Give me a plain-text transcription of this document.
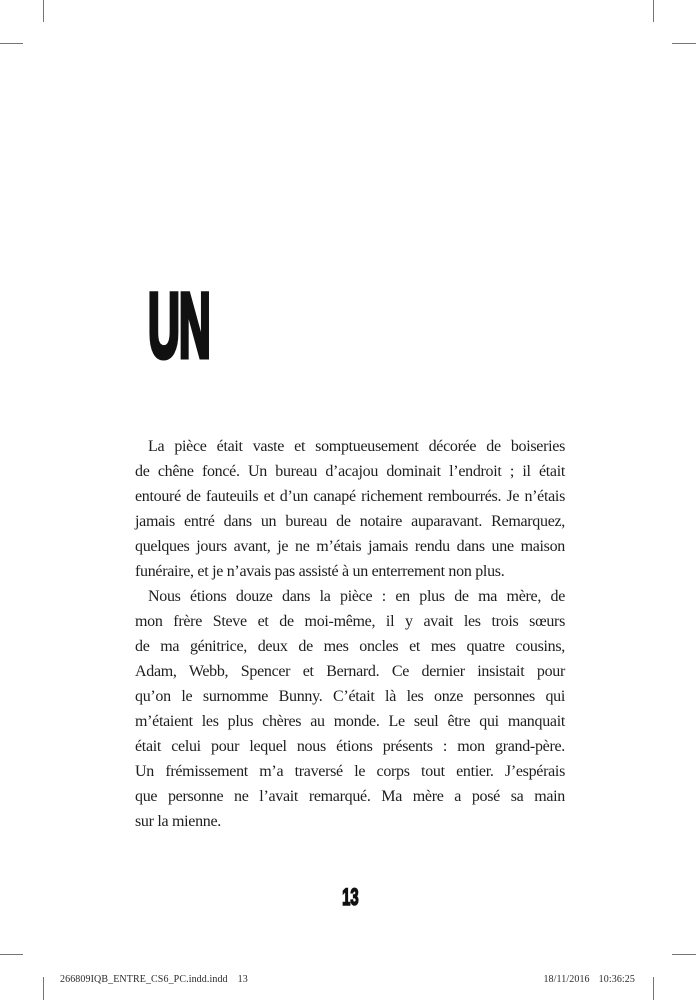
UN
La pièce était vaste et somptueusement décorée de boiseries
de chêne foncé. Un bureau d’acajou dominait l’endroit ; il était
entouré de fauteuils et d’un canapé richement rembourrés. Je n’étais
jamais entré dans un bureau de notaire auparavant. Remarquez,
quelques jours avant, je ne m’étais jamais rendu dans une maison
funéraire, et je n’avais pas assisté à un enterrement non plus.
Nous étions douze dans la pièce : en plus de ma mère, de
mon frère Steve et de moi-même, il y avait les trois sœurs
de ma génitrice, deux de mes oncles et mes quatre cousins,
Adam, Webb, Spencer et Bernard. Ce dernier insistait pour
qu’on le surnomme Bunny. C’était là les onze personnes qui
m’étaient les plus chères au monde. Le seul être qui manquait
était celui pour lequel nous étions présents : mon grand-père.
Un frémissement m’a traversé le corps tout entier. J’espérais
que personne ne l’avait remarqué. Ma mère a posé sa main
sur la mienne.
13
266809IQB_ENTRE_CS6_PC.indd.indd 13	18/11/2016 10:36:25
